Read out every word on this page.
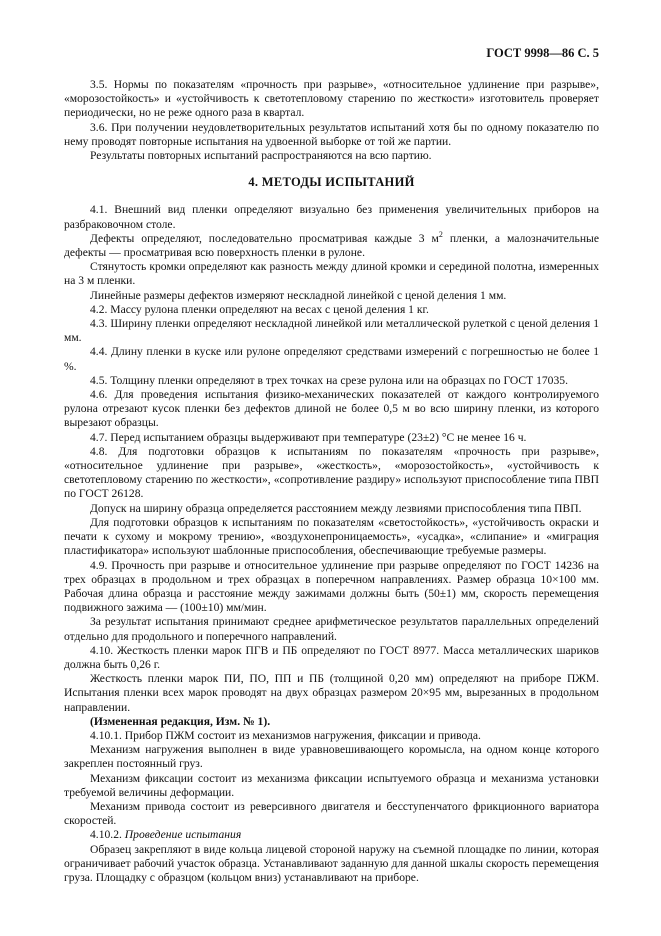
ГОСТ 9998—86 С. 5

3.5. Нормы по показателям «прочность при разрыве», «относительное удлинение при разрыве», «морозостойкость» и «устойчивость к светотепловому старению по жесткости» изготовитель проверяет периодически, но не реже одного раза в квартал.

3.6. При получении неудовлетворительных результатов испытаний хотя бы по одному показателю по нему проводят повторные испытания на удвоенной выборке от той же партии.

Результаты повторных испытаний распространяются на всю партию.

4. МЕТОДЫ ИСПЫТАНИЙ

4.1. Внешний вид пленки определяют визуально без применения увеличительных приборов на разбраковочном столе.

Дефекты определяют, последовательно просматривая каждые 3 $м^2$ пленки, а малозначительные дефекты — просматривая всю поверхность пленки в рулоне.

Стянутость кромки определяют как разность между длиной кромки и серединой полотна, измеренных на 3 м пленки.

Линейные размеры дефектов измеряют нескладной линейкой с ценой деления 1 мм.

4.2. Массу рулона пленки определяют на весах с ценой деления 1 кг.

4.3. Ширину пленки определяют нескладной линейкой или металлической рулеткой с ценой деления 1 мм.

4.4. Длину пленки в куске или рулоне определяют средствами измерений с погрешностью не более 1 %.

4.5. Толщину пленки определяют в трех точках на срезе рулона или на образцах по ГОСТ 17035.

4.6. Для проведения испытания физико-механических показателей от каждого контролируемого рулона отрезают кусок пленки без дефектов длиной не более 0,5 м во всю ширину пленки, из которого вырезают образцы.

4.7. Перед испытанием образцы выдерживают при температуре (23±2) °С не менее 16 ч.

4.8. Для подготовки образцов к испытаниям по показателям «прочность при разрыве», «относительное удлинение при разрыве», «жесткость», «морозостойкость», «устойчивость к светотепловому старению по жесткости», «сопротивление раздиру» используют приспособление типа ПВП по ГОСТ 26128.

Допуск на ширину образца определяется расстоянием между лезвиями приспособления типа ПВП.

Для подготовки образцов к испытаниям по показателям «светостойкость», «устойчивость окраски и печати к сухому и мокрому трению», «воздухонепроницаемость», «усадка», «слипание» и «миграция пластификатора» используют шаблонные приспособления, обеспечивающие требуемые размеры.

4.9. Прочность при разрыве и относительное удлинение при разрыве определяют по ГОСТ 14236 на трех образцах в продольном и трех образцах в поперечном направлениях. Размер образца 10×100 мм. Рабочая длина образца и расстояние между зажимами должны быть (50±1) мм, скорость перемещения подвижного зажима — (100±10) мм/мин.

За результат испытания принимают среднее арифметическое результатов параллельных определений отдельно для продольного и поперечного направлений.

4.10. Жесткость пленки марок ПГВ и ПБ определяют по ГОСТ 8977. Масса металлических шариков должна быть 0,26 г.

Жесткость пленки марок ПИ, ПО, ПП и ПБ (толщиной 0,20 мм) определяют на приборе ПЖМ. Испытания пленки всех марок проводят на двух образцах размером 20×95 мм, вырезанных в продольном направлении.

(Измененная редакция, Изм. № 1).

4.10.1. Прибор ПЖМ состоит из механизмов нагружения, фиксации и привода.

Механизм нагружения выполнен в виде уравновешивающего коромысла, на одном конце которого закреплен постоянный груз.

Механизм фиксации состоит из механизма фиксации испытуемого образца и механизма установки требуемой величины деформации.

Механизм привода состоит из реверсивного двигателя и бесступенчатого фрикционного вариатора скоростей.

4.10.2. Проведение испытания

Образец закрепляют в виде кольца лицевой стороной наружу на съемной площадке по линии, которая ограничивает рабочий участок образца. Устанавливают заданную для данной шкалы скорость перемещения груза. Площадку с образцом (кольцом вниз) устанавливают на приборе.
